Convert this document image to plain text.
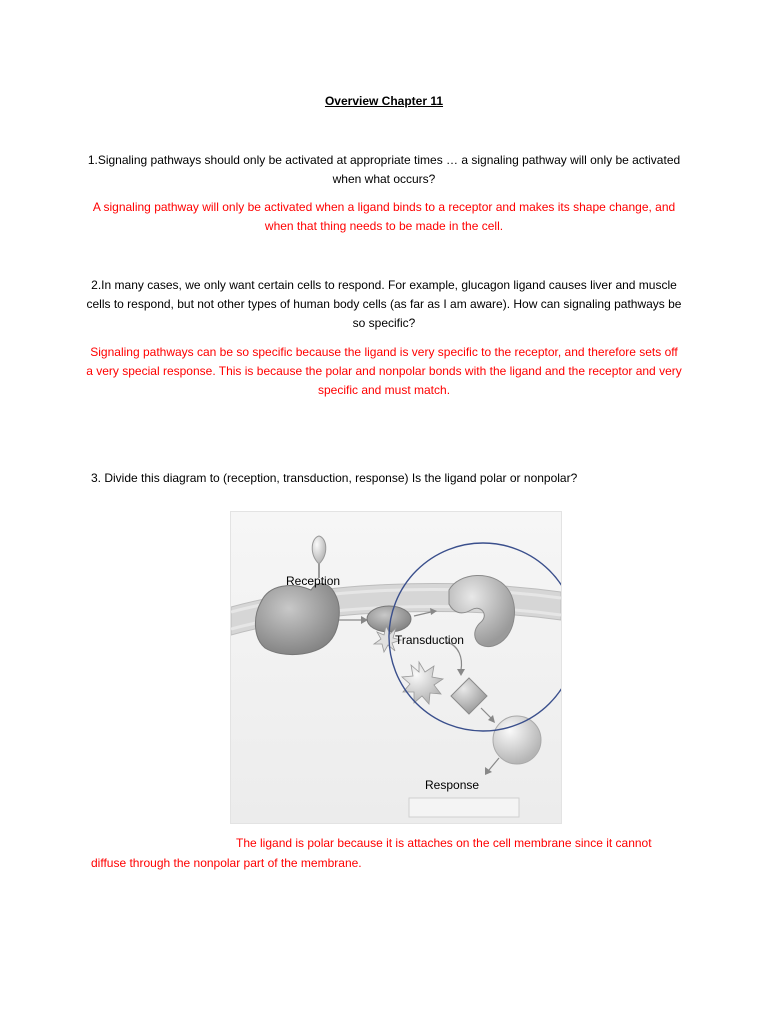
Overview Chapter 11
1.Signaling pathways should only be activated at appropriate times … a signaling pathway will only be activated when what occurs?
A signaling pathway will only be activated when a ligand binds to a receptor and makes its shape change, and when that thing needs to be made in the cell.
2.In many cases, we only want certain cells to respond. For example, glucagon ligand causes liver and muscle cells to respond, but not other types of human body cells (as far as I am aware). How can signaling pathways be so specific?
Signaling pathways can be so specific because the ligand is very specific to the receptor, and therefore sets off a very special response. This is because the polar and nonpolar bonds with the ligand and the receptor and very specific and must match.
3. Divide this diagram to (reception, transduction, response) Is the ligand polar or nonpolar?
Reception
Transduction
Response
The ligand is polar because it is attaches on the cell membrane since it cannot
diffuse through the nonpolar part of the membrane.
